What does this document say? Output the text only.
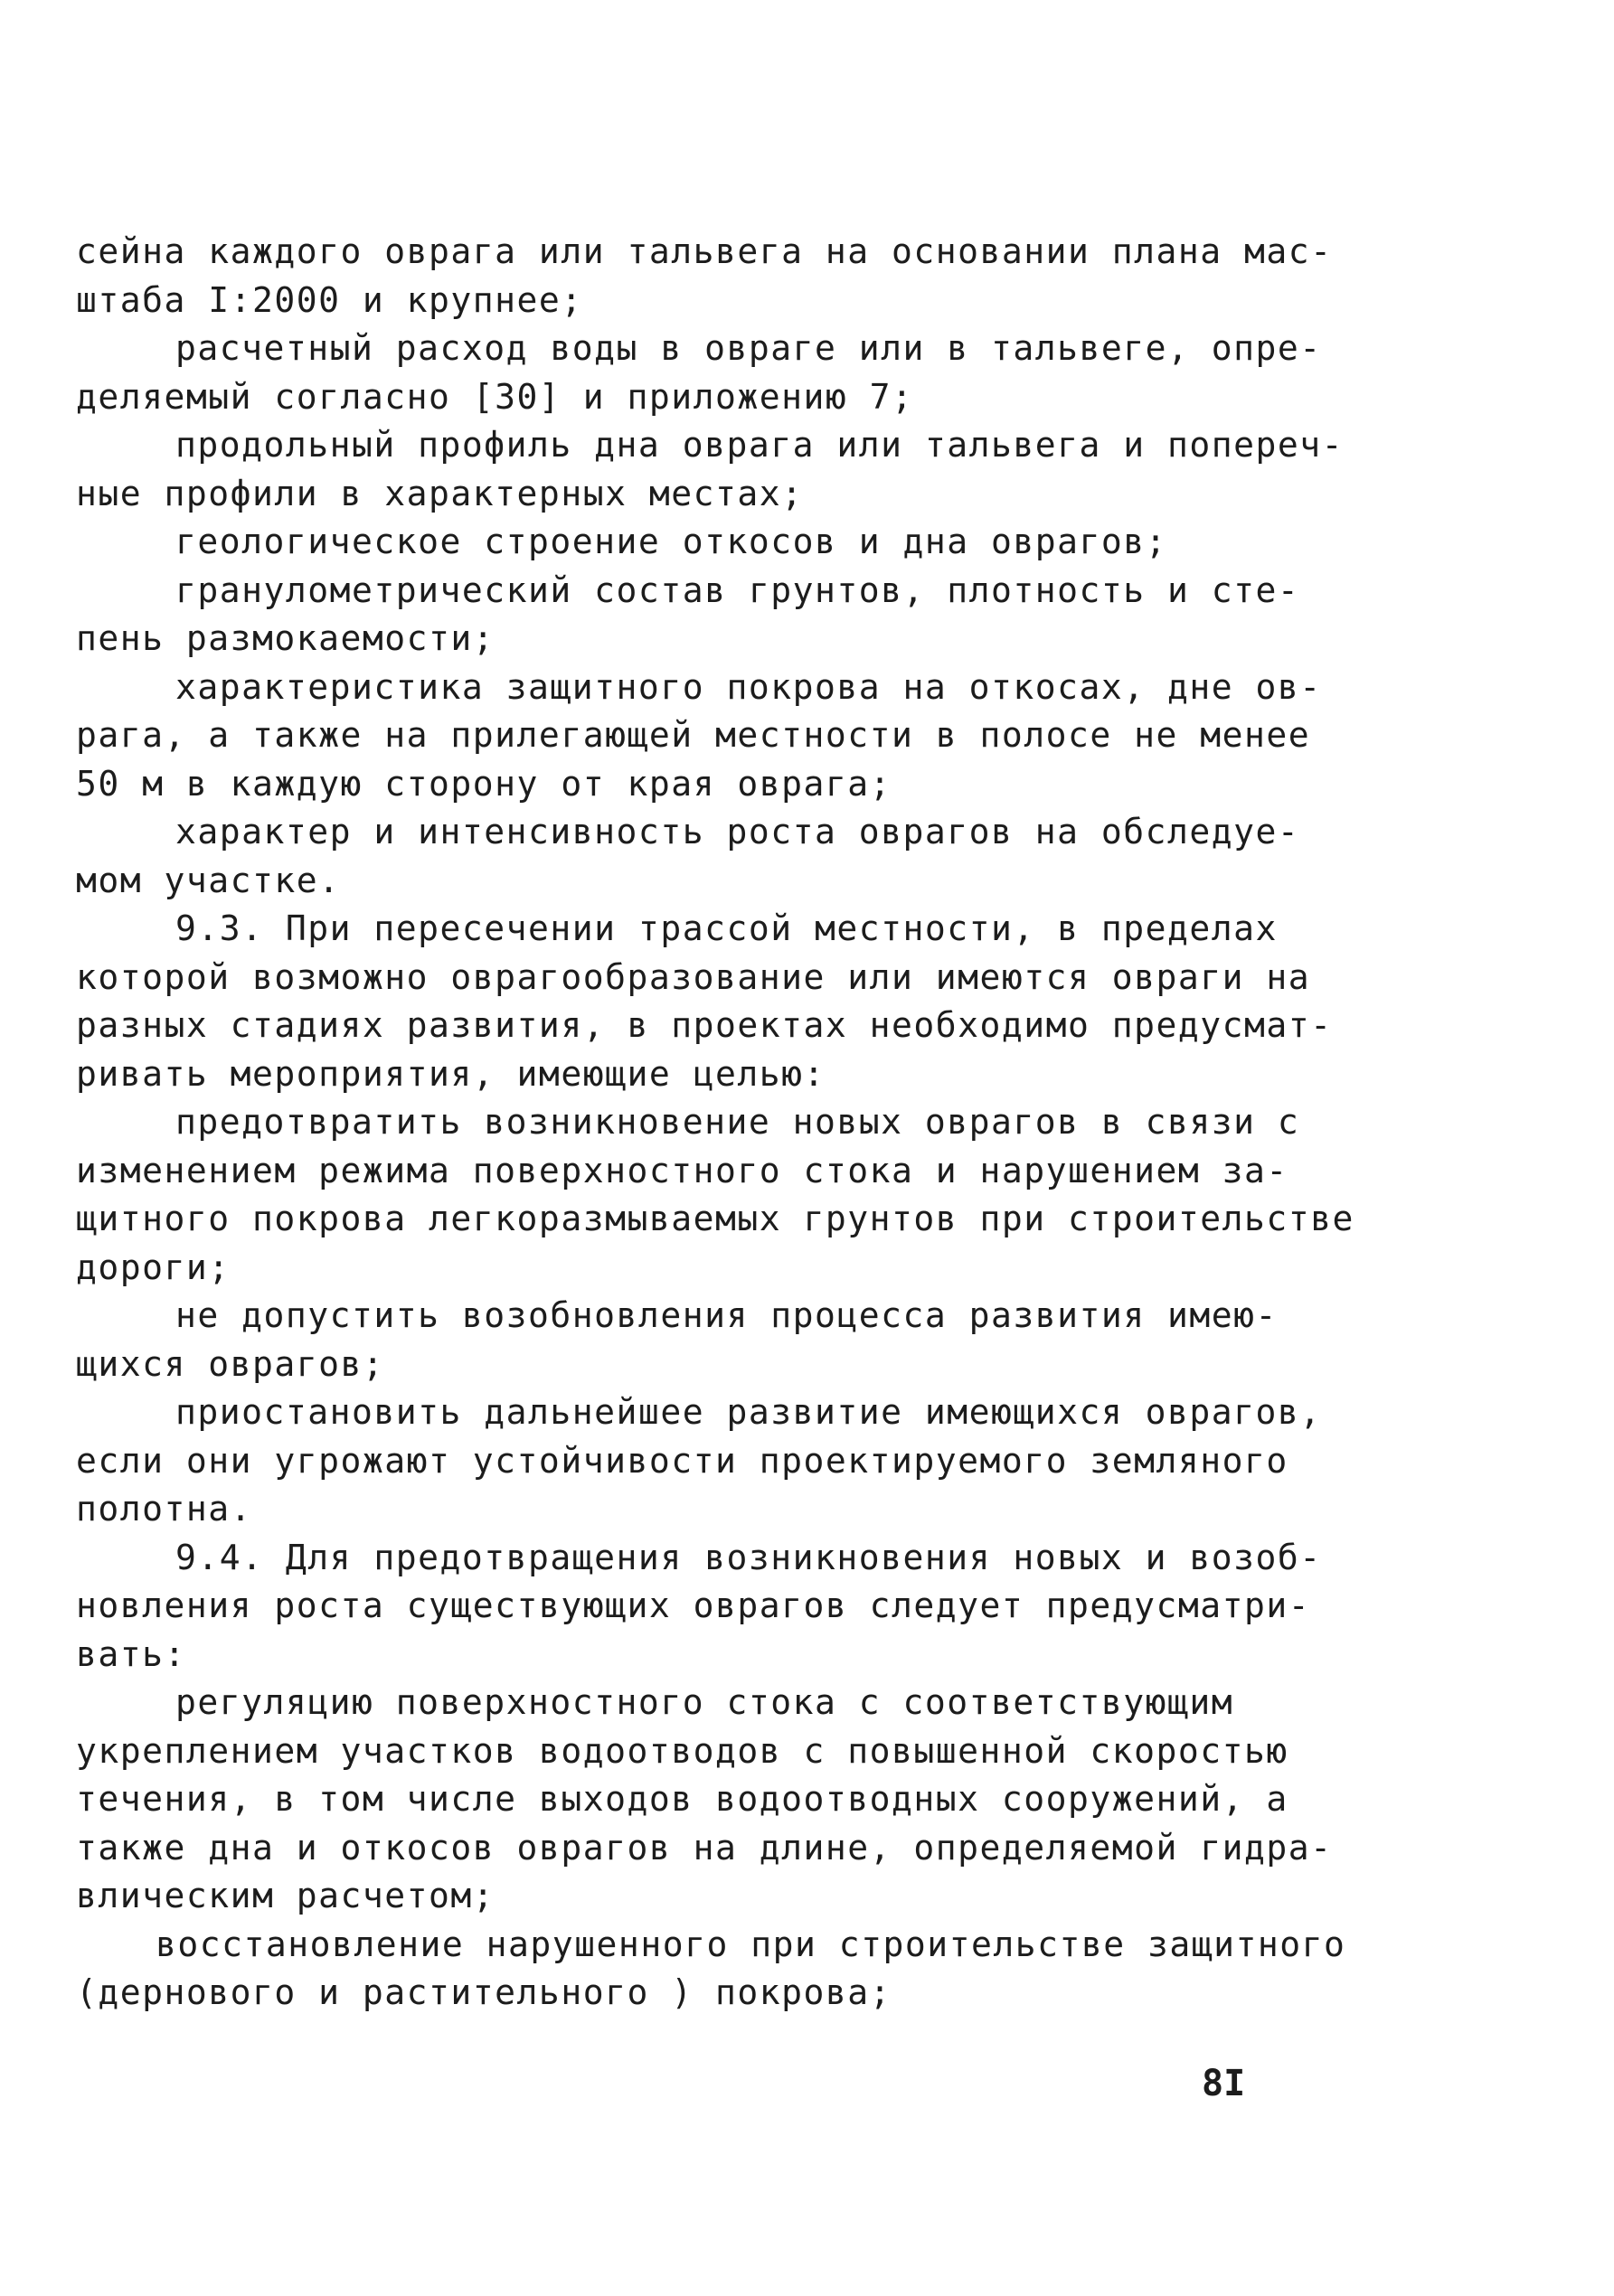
сейна каждого оврага или тальвега на основании плана мас-
штаба I:2000 и крупнее;
расчетный расход воды в овраге или в тальвеге, опре-
деляемый согласно [30] и приложению 7;
продольный профиль дна оврага или тальвега и попереч-
ные профили в характерных местах;
геологическое строение откосов и дна оврагов;
гранулометрический состав грунтов, плотность и сте-
пень размокаемости;
характеристика защитного покрова на откосах, дне ов-
рага, а также на прилегающей местности в полосе не менее
50 м в каждую сторону от края оврага;
характер и интенсивность роста оврагов на обследуе-
мом участке.
9.3. При пересечении трассой местности, в пределах
которой возможно оврагообразование или имеются овраги на
разных стадиях развития, в проектах необходимо предусмат-
ривать мероприятия, имеющие целью:
предотвратить возникновение новых оврагов в связи с
изменением режима поверхностного стока и нарушением за-
щитного покрова легкоразмываемых грунтов при строительстве
дороги;
не допустить возобновления процесса развития имею-
щихся оврагов;
приостановить дальнейшее развитие имеющихся оврагов,
если они угрожают устойчивости проектируемого земляного
полотна.
9.4. Для предотвращения возникновения новых и возоб-
новления роста существующих оврагов следует предусматри-
вать:
регуляцию поверхностного стока с соответствующим
укреплением участков водоотводов с повышенной скоростью
течения, в том числе выходов водоотводных сооружений, а
также дна и откосов оврагов на длине, определяемой гидра-
влическим расчетом;
восстановление нарушенного при строительстве защитного
(дернового и растительного ) покрова;
8I
